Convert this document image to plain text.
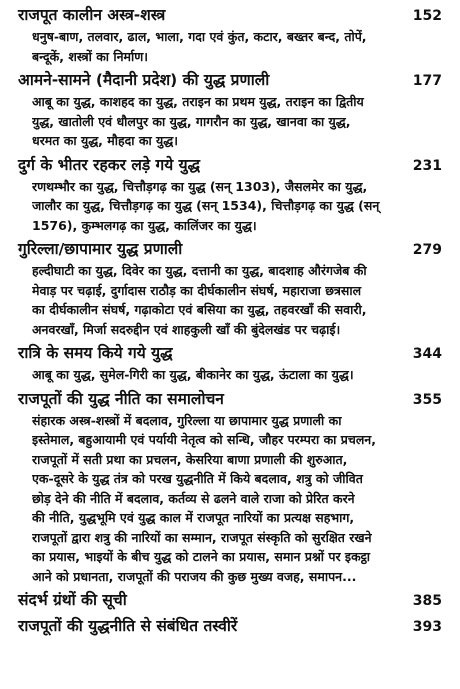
राजपूत कालीन अस्त्र-शस्त्र	152
धनुष-बाण, तलवार, ढाल, भाला, गदा एवं कुंत, कटार, बख्तर बन्द, तोपें,
बन्दूकें, शस्त्रों का निर्माण।
आमने-सामने (मैदानी प्रदेश) की युद्ध प्रणाली	177
आबू का युद्ध, काशहद का युद्ध, तराइन का प्रथम युद्ध, तराइन का द्वितीय
युद्ध, खातोली एवं धौलपुर का युद्ध, गागरौन का युद्ध, खानवा का युद्ध,
धरमत का युद्ध, मौहदा का युद्ध।
दुर्ग के भीतर रहकर लड़े गये युद्ध	231
रणथम्भौर का युद्ध, चित्तौड़गढ़ का युद्ध (सन् 1303), जैसलमेर का युद्ध,
जालौर का युद्ध, चित्तौड़गढ़ का युद्ध (सन् 1534), चित्तौड़गढ़ का युद्ध (सन्
1576), कुम्भलगढ़ का युद्ध, कालिंजर का युद्ध।
गुरिल्ला/छापामार युद्ध प्रणाली	279
हल्दीघाटी का युद्ध, दिवेर का युद्ध, दत्तानी का युद्ध, बादशाह औरंगजेब की
मेवाड़ पर चढ़ाई, दुर्गादास राठौड़ का दीर्घकालीन संघर्ष, महाराजा छत्रसाल
का दीर्घकालीन संघर्ष, गढ़ाकोटा एवं बसिया का युद्ध, तहवरखाँ की सवारी,
अनवरखाँ, मिर्जा सदरुद्दीन एवं शाहकुली खाँ की बुंदेलखंड पर चढ़ाई।
रात्रि के समय किये गये युद्ध	344
आबू का युद्ध, सुमेल-गिरी का युद्ध, बीकानेर का युद्ध, ऊंटाला का युद्ध।
राजपूतों की युद्ध नीति का समालोचन	355
संहारक अस्त्र-शस्त्रों में बदलाव, गुरिल्ला या छापामार युद्ध प्रणाली का
इस्तेमाल, बहुआयामी एवं पर्यायी नेतृत्व को सन्धि, जौहर परम्परा का प्रचलन,
राजपूतों में सती प्रथा का प्रचलन, केसरिया बाणा प्रणाली की शुरुआत,
एक-दूसरे के युद्ध तंत्र को परख युद्धनीति में किये बदलाव, शत्रु को जीवित
छोड़ देने की नीति में बदलाव, कर्तव्य से ढलने वाले राजा को प्रेरित करने
की नीति, युद्धभूमि एवं युद्ध काल में राजपूत नारियों का प्रत्यक्ष सहभाग,
राजपूतों द्वारा शत्रु की नारियों का सम्मान, राजपूत संस्कृति को सुरक्षित रखने
का प्रयास, भाइयों के बीच युद्ध को टालने का प्रयास, समान प्रश्नों पर इकट्ठा
आने को प्रधानता, राजपूतों की पराजय की कुछ मुख्य वजह, समापन...
संदर्भ ग्रंथों की सूची	385
राजपूतों की युद्धनीति से संबंधित तस्वीरें	393
